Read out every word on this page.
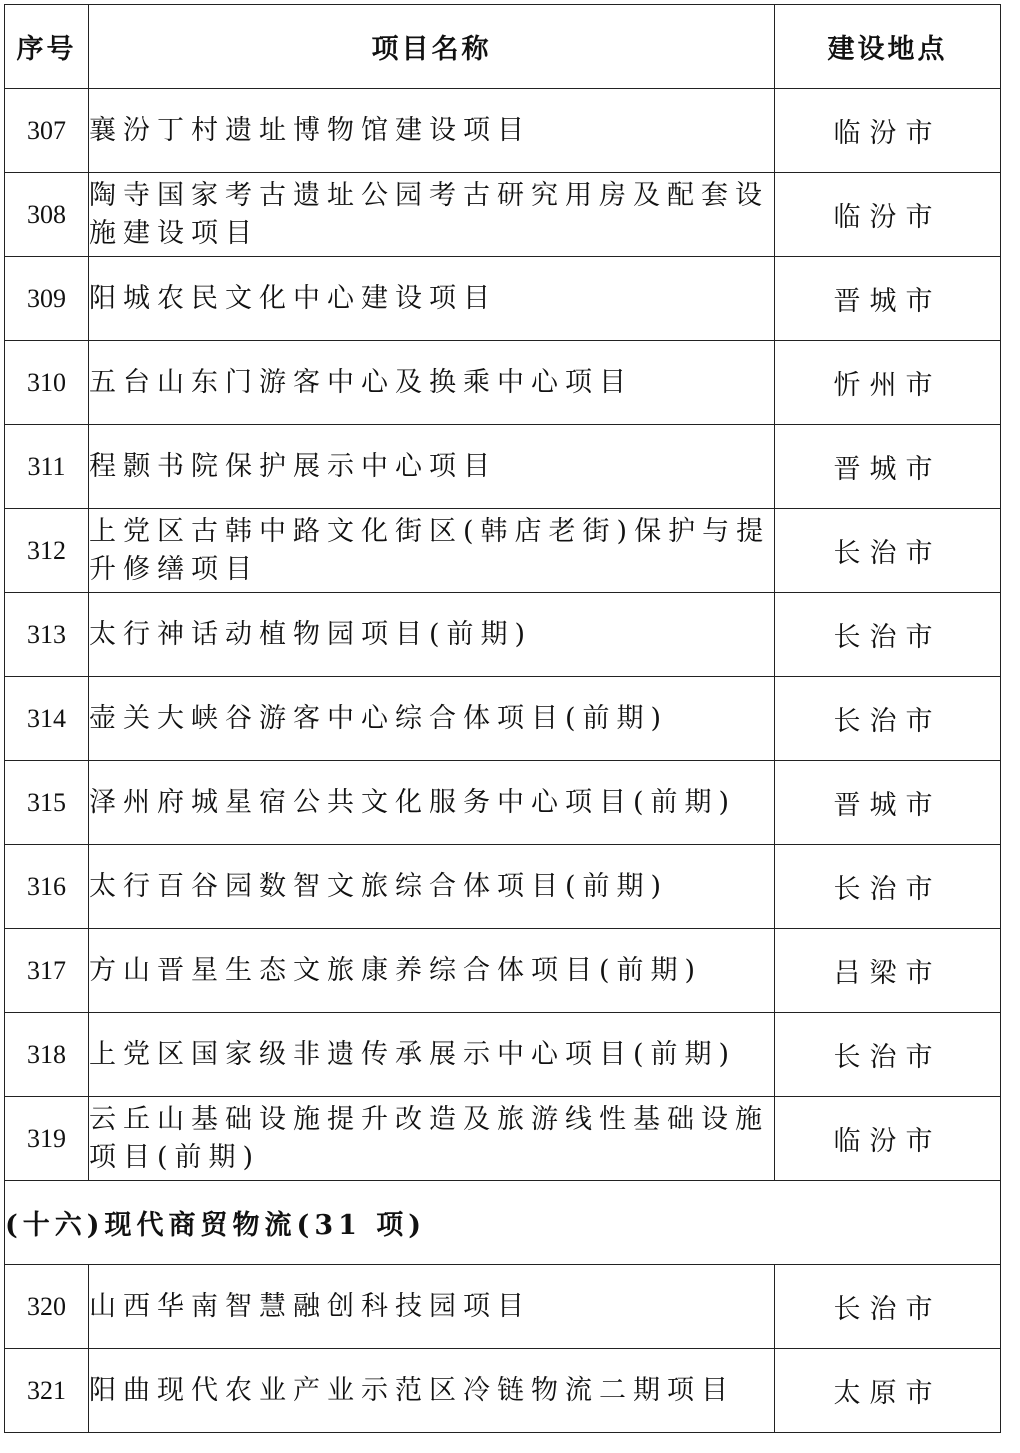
序号	项目名称	建设地点
307	襄汾丁村遗址博物馆建设项目	临汾市
308	陶寺国家考古遗址公园考古研究用房及配套设施建设项目	临汾市
309	阳城农民文化中心建设项目	晋城市
310	五台山东门游客中心及换乘中心项目	忻州市
311	程颢书院保护展示中心项目	晋城市
312	上党区古韩中路文化街区(韩店老街)保护与提升修缮项目	长治市
313	太行神话动植物园项目(前期)	长治市
314	壶关大峡谷游客中心综合体项目(前期)	长治市
315	泽州府城星宿公共文化服务中心项目(前期)	晋城市
316	太行百谷园数智文旅综合体项目(前期)	长治市
317	方山晋星生态文旅康养综合体项目(前期)	吕梁市
318	上党区国家级非遗传承展示中心项目(前期)	长治市
319	云丘山基础设施提升改造及旅游线性基础设施项目(前期)	临汾市
(十六)现代商贸物流(31 项)		
320	山西华南智慧融创科技园项目	长治市
321	阳曲现代农业产业示范区冷链物流二期项目	太原市
